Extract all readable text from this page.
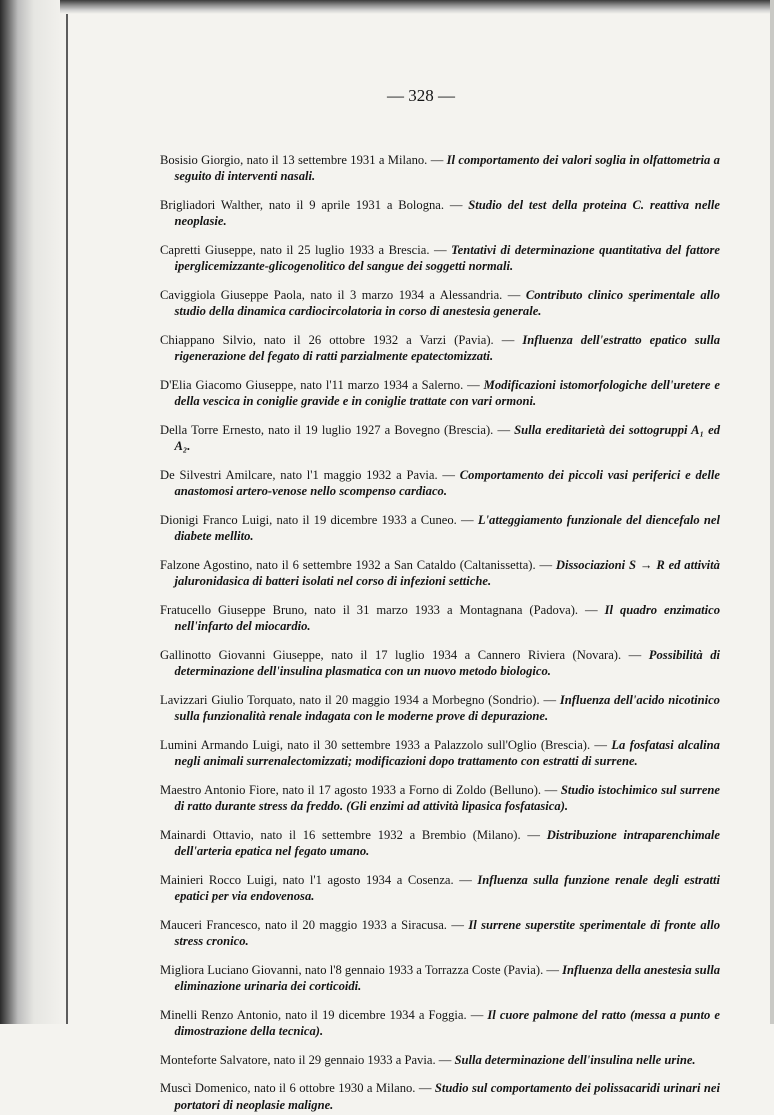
— 328 —

Bosisio Giorgio, nato il 13 settembre 1931 a Milano. — Il comportamento dei valori soglia in olfattometria a seguito di interventi nasali.

Brigliadori Walther, nato il 9 aprile 1931 a Bologna. — Studio del test della proteina C. reattiva nelle neoplasie.

Capretti Giuseppe, nato il 25 luglio 1933 a Brescia. — Tentativi di determinazione quantitativa del fattore iperglicemizzante-glicogenolitico del sangue dei soggetti normali.

Caviggiola Giuseppe Paola, nato il 3 marzo 1934 a Alessandria. — Contributo clinico sperimentale allo studio della dinamica cardiocircolatoria in corso di anestesia generale.

Chiappano Silvio, nato il 26 ottobre 1932 a Varzi (Pavia). — Influenza dell'estratto epatico sulla rigenerazione del fegato di ratti parzialmente epatectomizzati.

D'Elia Giacomo Giuseppe, nato l'11 marzo 1934 a Salerno. — Modificazioni istomorfologiche dell'uretere e della vescica in coniglie gravide e in coniglie trattate con vari ormoni.

Della Torre Ernesto, nato il 19 luglio 1927 a Bovegno (Brescia). — Sulla ereditarietà dei sottogruppi A₁ ed A₂.

De Silvestri Amilcare, nato l'1 maggio 1932 a Pavia. — Comportamento dei piccoli vasi periferici e delle anastomosi artero-venose nello scompenso cardiaco.

Dionigi Franco Luigi, nato il 19 dicembre 1933 a Cuneo. — L'atteggiamento funzionale del diencefalo nel diabete mellito.

Falzone Agostino, nato il 6 settembre 1932 a San Cataldo (Caltanissetta). — Dissociazioni S → R ed attività jaluronidasica di batteri isolati nel corso di infezioni settiche.

Fratucello Giuseppe Bruno, nato il 31 marzo 1933 a Montagnana (Padova). — Il quadro enzimatico nell'infarto del miocardio.

Gallinotto Giovanni Giuseppe, nato il 17 luglio 1934 a Cannero Riviera (Novara). — Possibilità di determinazione dell'insulina plasmatica con un nuovo metodo biologico.

Lavizzari Giulio Torquato, nato il 20 maggio 1934 a Morbegno (Sondrio). — Influenza dell'acido nicotinico sulla funzionalità renale indagata con le moderne prove di depurazione.

Lumini Armando Luigi, nato il 30 settembre 1933 a Palazzolo sull'Oglio (Brescia). — La fosfatasi alcalina negli animali surrenalectomizzati; modificazioni dopo trattamento con estratti di surrene.

Maestro Antonio Fiore, nato il 17 agosto 1933 a Forno di Zoldo (Belluno). — Studio istochimico sul surrene di ratto durante stress da freddo. (Gli enzimi ad attività lipasica fosfatasica).

Mainardi Ottavio, nato il 16 settembre 1932 a Brembio (Milano). — Distribuzione intraparenchimale dell'arteria epatica nel fegato umano.

Mainieri Rocco Luigi, nato l'1 agosto 1934 a Cosenza. — Influenza sulla funzione renale degli estratti epatici per via endovenosa.

Mauceri Francesco, nato il 20 maggio 1933 a Siracusa. — Il surrene superstite sperimentale di fronte allo stress cronico.

Migliora Luciano Giovanni, nato l'8 gennaio 1933 a Torrazza Coste (Pavia). — Influenza della anestesia sulla eliminazione urinaria dei corticoidi.

Minelli Renzo Antonio, nato il 19 dicembre 1934 a Foggia. — Il cuore palmone del ratto (messa a punto e dimostrazione della tecnica).

Monteforte Salvatore, nato il 29 gennaio 1933 a Pavia. — Sulla determinazione dell'insulina nelle urine.

Muscì Domenico, nato il 6 ottobre 1930 a Milano. — Studio sul comportamento dei polissacaridi urinari nei portatori di neoplasie maligne.
